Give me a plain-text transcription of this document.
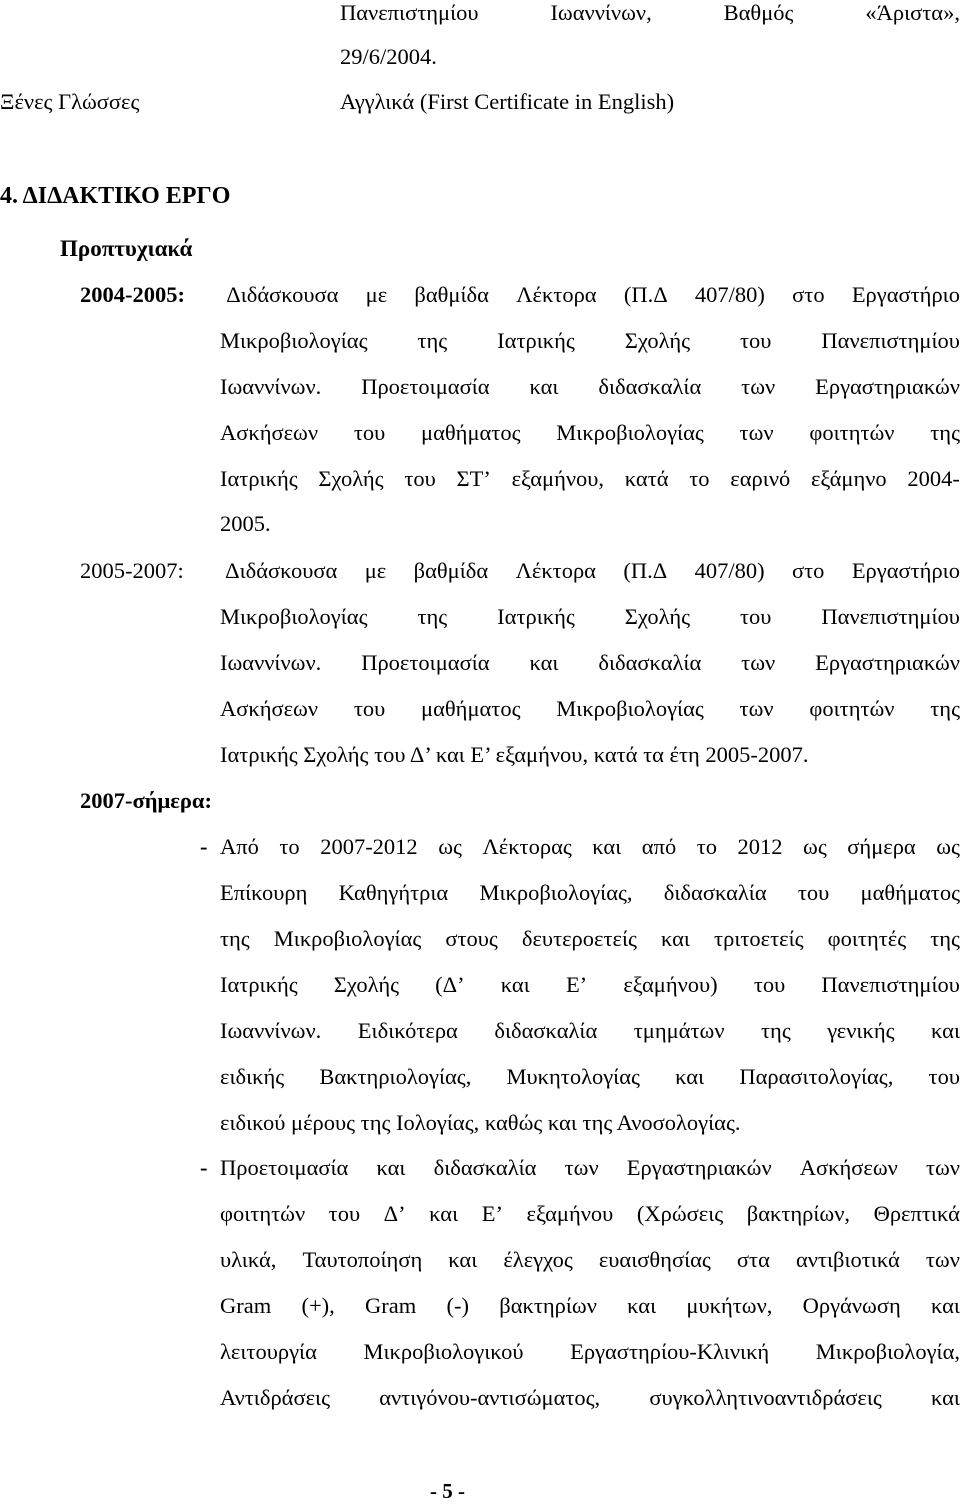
Πανεπιστημίου	Ιωαννίνων,	Βαθμός	«Άριστα»,
29/6/2004.
Ξένες Γλώσσες	Αγγλικά (First Certificate in English)
4. ΔΙΔΑΚΤΙΚΟ ΕΡΓΟ
Προπτυχιακά
2004-2005: Διδάσκουσα με βαθμίδα Λέκτορα (Π.Δ 407/80) στο Εργαστήριο
Μικροβιολογίας της Ιατρικής Σχολής του Πανεπιστημίου
Ιωαννίνων. Προετοιμασία και διδασκαλία των Εργαστηριακών
Ασκήσεων του μαθήματος Μικροβιολογίας των φοιτητών της
Ιατρικής Σχολής του ΣΤ’ εξαμήνου, κατά το εαρινό εξάμηνο 2004-
2005.
2005-2007: Διδάσκουσα με βαθμίδα Λέκτορα (Π.Δ 407/80) στο Εργαστήριο
Μικροβιολογίας της Ιατρικής Σχολής του Πανεπιστημίου
Ιωαννίνων. Προετοιμασία και διδασκαλία των Εργαστηριακών
Ασκήσεων του μαθήματος Μικροβιολογίας των φοιτητών της
Ιατρικής Σχολής του Δ’ και Ε’ εξαμήνου, κατά τα έτη 2005-2007.
2007-σήμερα:
- Από το 2007-2012 ως Λέκτορας και από το 2012 ως σήμερα ως
Επίκουρη Καθηγήτρια Μικροβιολογίας, διδασκαλία του μαθήματος
της Μικροβιολογίας στους δευτεροετείς και τριτοετείς φοιτητές της
Ιατρικής Σχολής (Δ’ και Ε’ εξαμήνου) του Πανεπιστημίου
Ιωαννίνων. Ειδικότερα διδασκαλία τμημάτων της γενικής και
ειδικής Βακτηριολογίας, Μυκητολογίας και Παρασιτολογίας, του
ειδικού μέρους της Ιολογίας, καθώς και της Ανοσολογίας.
- Προετοιμασία και διδασκαλία των Εργαστηριακών Ασκήσεων των
φοιτητών του Δ’ και Ε’ εξαμήνου (Χρώσεις βακτηρίων, Θρεπτικά
υλικά, Ταυτοποίηση και έλεγχος ευαισθησίας στα αντιβιοτικά των
Gram (+), Gram (-) βακτηρίων και μυκήτων, Οργάνωση και
λειτουργία Μικροβιολογικού Εργαστηρίου-Κλινική Μικροβιολογία,
Αντιδράσεις αντιγόνου-αντισώματος, συγκολλητινοαντιδράσεις και
- 5 -
